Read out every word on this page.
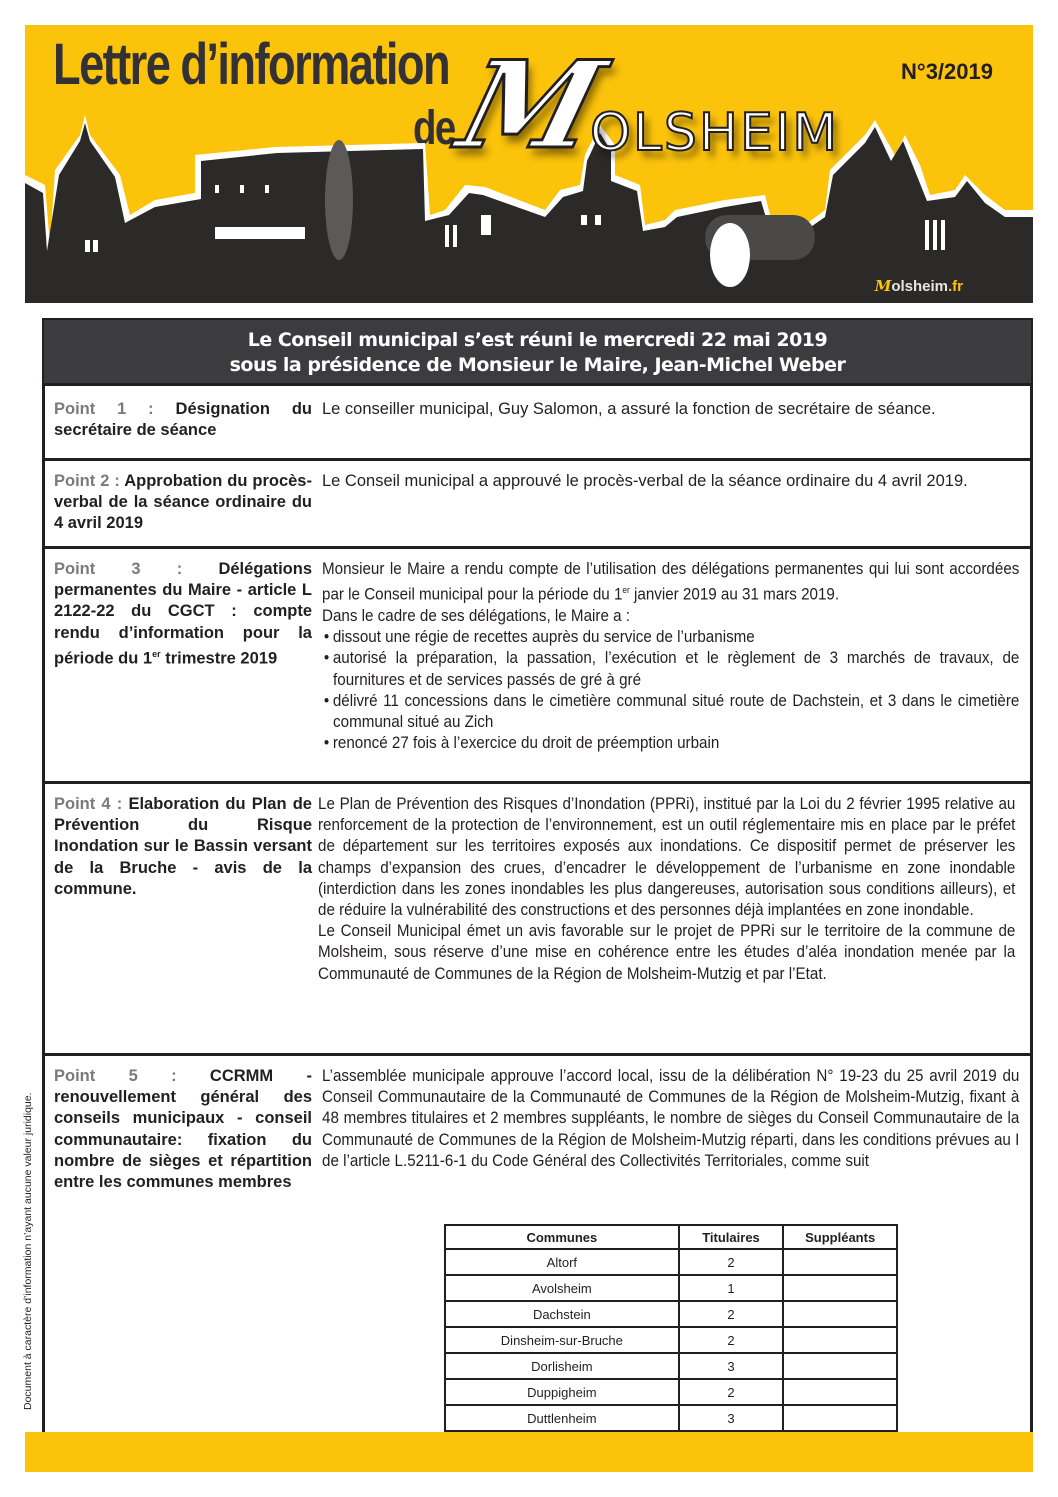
Lettre d’information
de
M
OLSHEIM
N°3/2019
Molsheim.fr
Le Conseil municipal s’est réuni le mercredi 22 mai 2019
sous la présidence de Monsieur le Maire, Jean-Michel Weber
Point 1 : Désignation du secrétaire de séance
Le conseiller municipal, Guy Salomon, a assuré la fonction de secrétaire de séance.
Point 2 : Approbation du procès-verbal de la séance ordinaire du 4 avril 2019
Le Conseil municipal a approuvé le procès-verbal de la séance ordinaire du 4 avril 2019.
Point 3 : Délégations permanentes du Maire - article L 2122-22 du CGCT : compte rendu d’information pour la période du 1er trimestre 2019

Monsieur le Maire a rendu compte de l’utilisation des délégations permanentes qui lui sont accordées par le Conseil municipal pour la période du 1er janvier 2019 au 31 mars 2019.

Dans le cadre de ses délégations, le Maire a :

• dissout une régie de recettes auprès du service de l’urbanisme
• autorisé la préparation, la passation, l’exécution et le règlement de 3 marchés de travaux, de fournitures et de services passés de gré à gré
• délivré 11 concessions dans le cimetière communal situé route de Dachstein, et 3 dans le cimetière communal situé au Zich
• renoncé 27 fois à l’exercice du droit de préemption urbain
Point 4 : Elaboration du Plan de Prévention du Risque Inondation sur le Bassin versant de la Bruche - avis de la commune.

Le Plan de Prévention des Risques d’Inondation (PPRi), institué par la Loi du 2 février 1995 relative au renforcement de la protection de l’environnement, est un outil réglementaire mis en place par le préfet de département sur les territoires exposés aux inondations. Ce dispositif permet de préserver les champs d’expansion des crues, d’encadrer le développement de l’urbanisme en zone inondable (interdiction dans les zones inondables les plus dangereuses, autorisation sous conditions ailleurs), et de réduire la vulnérabilité des constructions et des personnes déjà implantées en zone inondable.

Le Conseil Municipal émet un avis favorable sur le projet de PPRi sur le territoire de la commune de Molsheim, sous réserve d’une mise en cohérence entre les études d’aléa inondation menée par la Communauté de Communes de la Région de Molsheim-Mutzig et par l’Etat.

Point 5 : CCRMM - renouvellement général des conseils municipaux - conseil communautaire: fixation du nombre de sièges et répartition entre les communes membres
L’assemblée municipale approuve l’accord local, issu de la délibération N° 19-23 du 25 avril 2019 du Conseil Communautaire de la Communauté de Communes de la Région de Molsheim-Mutzig, fixant à 48 membres titulaires et 2 membres suppléants, le nombre de sièges du Conseil Communautaire de la Communauté de Communes de la Région de Molsheim-Mutzig réparti, dans les conditions prévues au I de l’article L.5211-6-1 du Code Général des Collectivités Territoriales, comme suit
Communes	Titulaires	Suppléants
Altorf	2	
Avolsheim	1	
Dachstein	2	
Dinsheim-sur-Bruche	2	
Dorlisheim	3	
Duppigheim	2	
Duttlenheim	3	
Document à caractère d’information n’ayant aucune valeur juridique.
